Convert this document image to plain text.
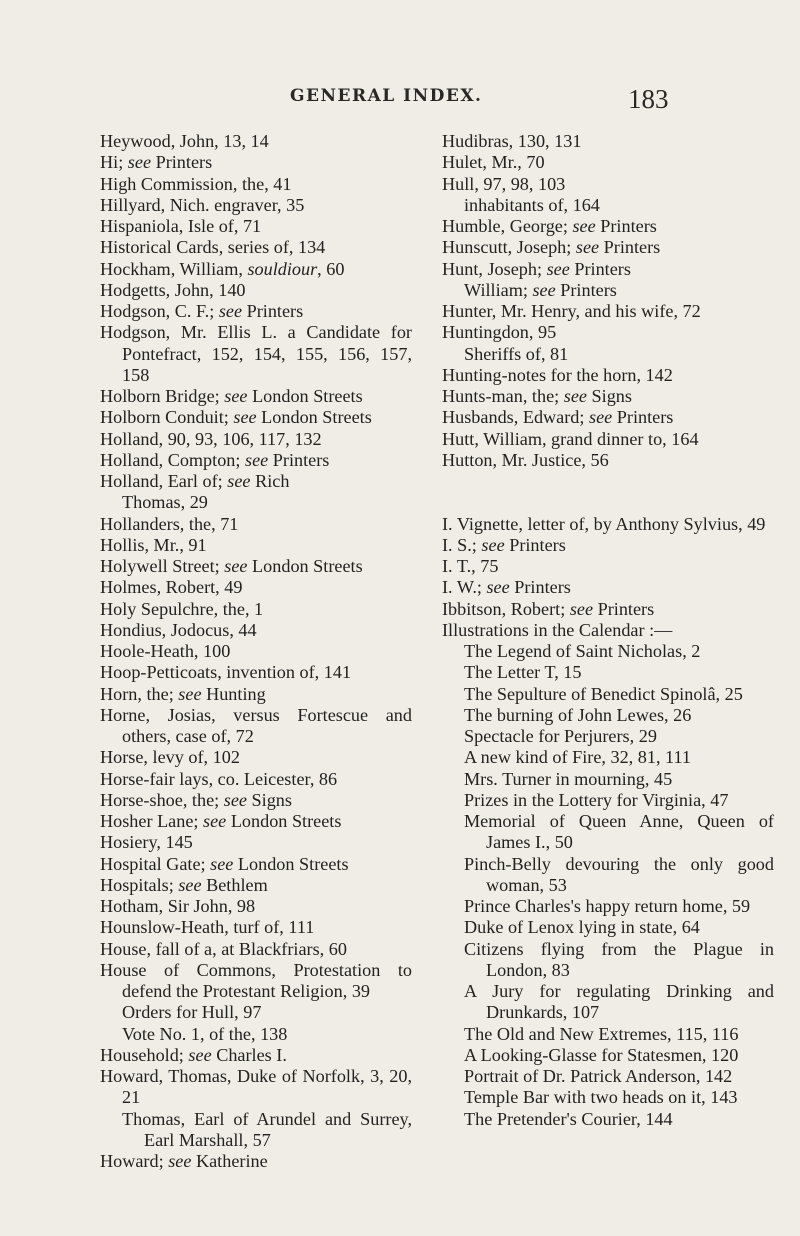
GENERAL INDEX.	183
Heywood, John, 13, 14
Hi; see Printers
High Commission, the, 41
Hillyard, Nich. engraver, 35
Hispaniola, Isle of, 71
Historical Cards, series of, 134
Hockham, William, souldiour, 60
Hodgetts, John, 140
Hodgson, C. F.; see Printers
Hodgson, Mr. Ellis L. a Candidate for Pontefract, 152, 154, 155, 156, 157, 158
Holborn Bridge; see London Streets
Holborn Conduit; see London Streets
Holland, 90, 93, 106, 117, 132
Holland, Compton; see Printers
Holland, Earl of; see Rich
Thomas, 29
Hollanders, the, 71
Hollis, Mr., 91
Holywell Street; see London Streets
Holmes, Robert, 49
Holy Sepulchre, the, 1
Hondius, Jodocus, 44
Hoole-Heath, 100
Hoop-Petticoats, invention of, 141
Horn, the; see Hunting
Horne, Josias, versus Fortescue and others, case of, 72
Horse, levy of, 102
Horse-fair lays, co. Leicester, 86
Horse-shoe, the; see Signs
Hosher Lane; see London Streets
Hosiery, 145
Hospital Gate; see London Streets
Hospitals; see Bethlem
Hotham, Sir John, 98
Hounslow-Heath, turf of, 111
House, fall of a, at Blackfriars, 60
House of Commons, Protestation to defend the Protestant Religion, 39
Orders for Hull, 97
Vote No. 1, of the, 138
Household; see Charles I.
Howard, Thomas, Duke of Norfolk, 3, 20, 21
Thomas, Earl of Arundel and Surrey, Earl Marshall, 57
Howard; see Katherine
Hudibras, 130, 131
Hulet, Mr., 70
Hull, 97, 98, 103
inhabitants of, 164
Humble, George; see Printers
Hunscutt, Joseph; see Printers
Hunt, Joseph; see Printers
William; see Printers
Hunter, Mr. Henry, and his wife, 72
Huntingdon, 95
Sheriffs of, 81
Hunting-notes for the horn, 142
Hunts-man, the; see Signs
Husbands, Edward; see Printers
Hutt, William, grand dinner to, 164
Hutton, Mr. Justice, 56
I. Vignette, letter of, by Anthony Sylvius, 49
I. S.; see Printers
I. T., 75
I. W.; see Printers
Ibbitson, Robert; see Printers
Illustrations in the Calendar :—
The Legend of Saint Nicholas, 2
The Letter T, 15
The Sepulture of Benedict Spinolâ, 25
The burning of John Lewes, 26
Spectacle for Perjurers, 29
A new kind of Fire, 32, 81, 111
Mrs. Turner in mourning, 45
Prizes in the Lottery for Virginia, 47
Memorial of Queen Anne, Queen of James I., 50
Pinch-Belly devouring the only good woman, 53
Prince Charles's happy return home, 59
Duke of Lenox lying in state, 64
Citizens flying from the Plague in London, 83
A Jury for regulating Drinking and Drunkards, 107
The Old and New Extremes, 115, 116
A Looking-Glasse for Statesmen, 120
Portrait of Dr. Patrick Anderson, 142
Temple Bar with two heads on it, 143
The Pretender's Courier, 144
